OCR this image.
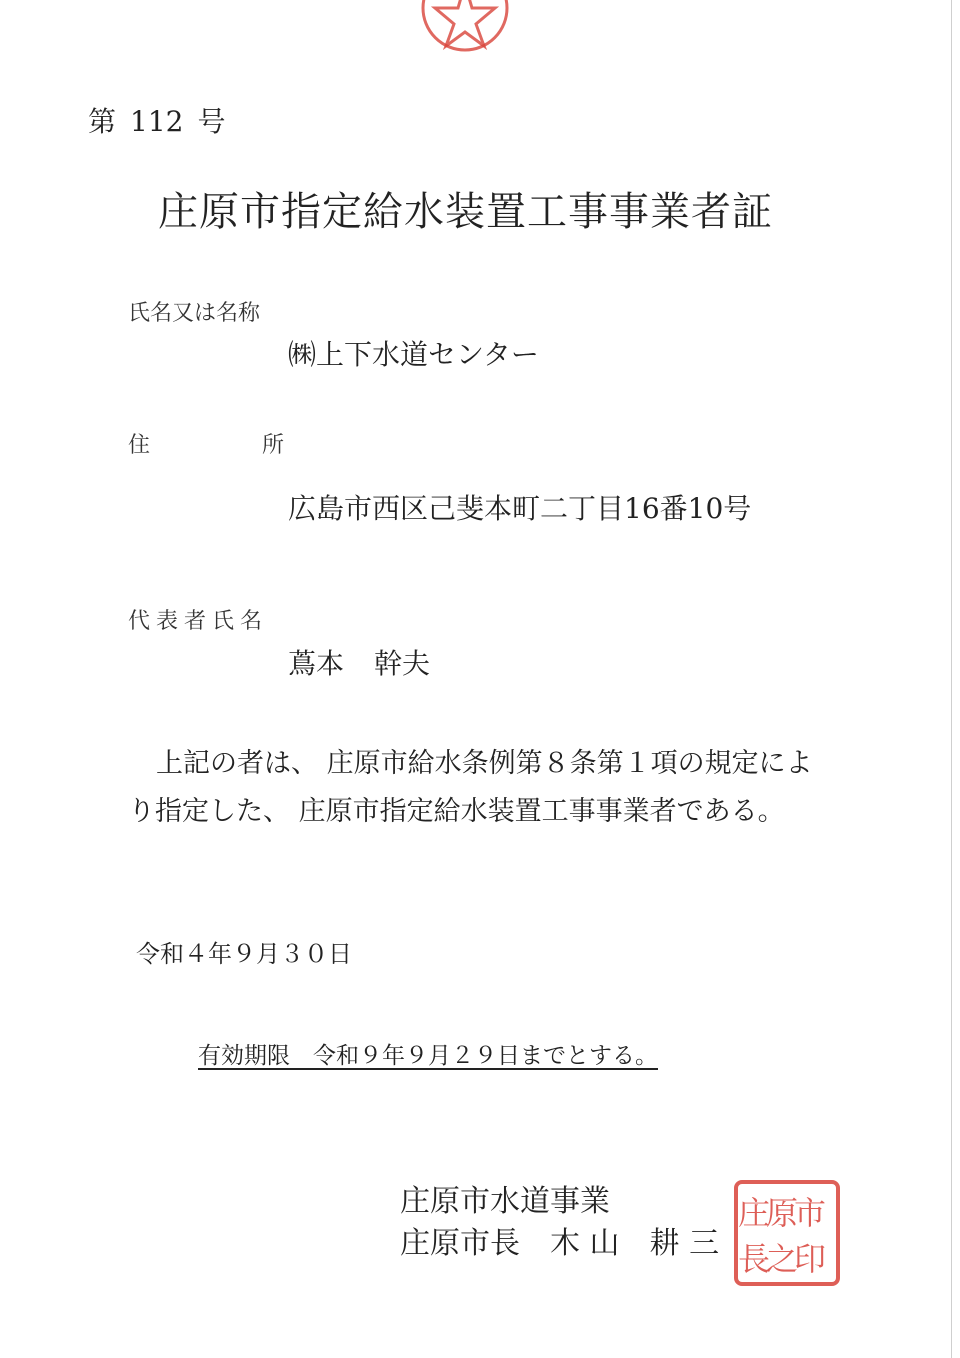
第 112 号
庄原市指定給水装置工事事業者証
氏名又は名称
㈱上下水道センター
住	所
広島市西区己斐本町二丁目16番10号
代表者氏名
蔦本 幹夫
上記の者は、 庄原市給水条例第８条第１項の規定により指定した、 庄原市指定給水装置工事事業者である。
令和４年９月３０日
有効期限　令和９年９月２９日までとする。
庄原市水道事業
庄原市長 木 山 耕 三
市
原
庄
印
之
長
